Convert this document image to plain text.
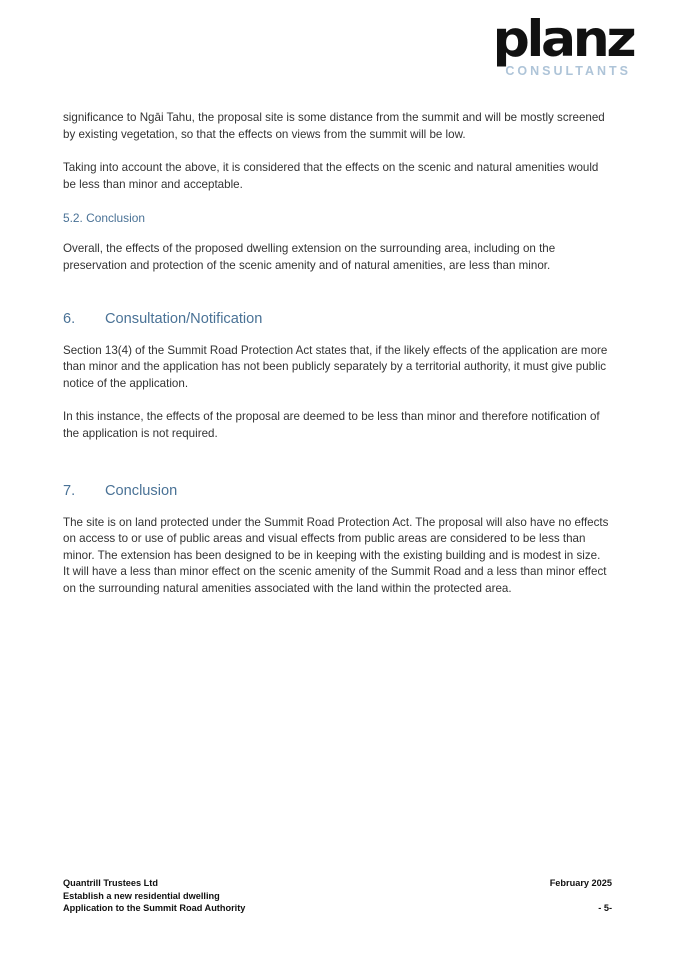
planz
CONSULTANTS

significance to Ngāi Tahu, the proposal site is some distance from the summit and will be mostly screened by existing vegetation, so that the effects on views from the summit will be low.

Taking into account the above, it is considered that the effects on the scenic and natural amenities would be less than minor and acceptable.

5.2. Conclusion

Overall, the effects of the proposed dwelling extension on the surrounding area, including on the preservation and protection of the scenic amenity and of natural amenities, are less than minor.

6.	Consultation/Notification

Section 13(4) of the Summit Road Protection Act states that, if the likely effects of the application are more than minor and the application has not been publicly separately by a territorial authority, it must give public notice of the application.

In this instance, the effects of the proposal are deemed to be less than minor and therefore notification of the application is not required.

7.	Conclusion

The site is on land protected under the Summit Road Protection Act. The proposal will also have no effects on access to or use of public areas and visual effects from public areas are considered to be less than minor. The extension has been designed to be in keeping with the existing building and is modest in size. It will have a less than minor effect on the scenic amenity of the Summit Road and a less than minor effect on the surrounding natural amenities associated with the land within the protected area.

Quantrill Trustees Ltd
Establish a new residential dwelling
Application to the Summit Road Authority
February 2025
- 5-
